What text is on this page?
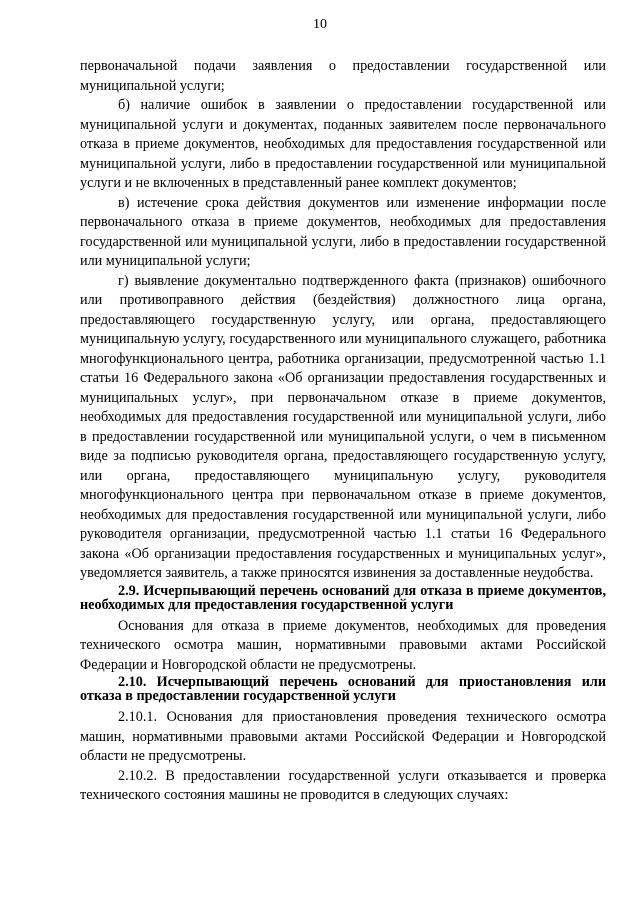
10

первоначальной подачи заявления о предоставлении государственной или муниципальной услуги;

б) наличие ошибок в заявлении о предоставлении государственной или муниципальной услуги и документах, поданных заявителем после первоначального отказа в приеме документов, необходимых для предоставления государственной или муниципальной услуги, либо в предоставлении государственной или муниципальной услуги и не включенных в представленный ранее комплект документов;

в) истечение срока действия документов или изменение информации после первоначального отказа в приеме документов, необходимых для предоставления государственной или муниципальной услуги, либо в предоставлении государственной или муниципальной услуги;

г) выявление документально подтвержденного факта (признаков) ошибочного или противоправного действия (бездействия) должностного лица органа, предоставляющего государственную услугу, или органа, предоставляющего муниципальную услугу, государственного или муниципального служащего, работника многофункционального центра, работника организации, предусмотренной частью 1.1 статьи 16 Федерального закона «Об организации предоставления государственных и муниципальных услуг», при первоначальном отказе в приеме документов, необходимых для предоставления государственной или муниципальной услуги, либо в предоставлении государственной или муниципальной услуги, о чем в письменном виде за подписью руководителя органа, предоставляющего государственную услугу, или органа, предоставляющего муниципальную услугу, руководителя многофункционального центра при первоначальном отказе в приеме документов, необходимых для предоставления государственной или муниципальной услуги, либо руководителя организации, предусмотренной частью 1.1 статьи 16 Федерального закона «Об организации предоставления государственных и муниципальных услуг», уведомляется заявитель, а также приносятся извинения за доставленные неудобства.

2.9. Исчерпывающий перечень оснований для отказа в приеме документов, необходимых для предоставления государственной услуги

Основания для отказа в приеме документов, необходимых для проведения технического осмотра машин, нормативными правовыми актами Российской Федерации и Новгородской области не предусмотрены.

2.10. Исчерпывающий перечень оснований для приостановления или отказа в предоставлении государственной услуги

2.10.1. Основания для приостановления проведения технического осмотра машин, нормативными правовыми актами Российской Федерации и Новгородской области не предусмотрены.

2.10.2. В предоставлении государственной услуги отказывается и проверка технического состояния машины не проводится в следующих случаях:
